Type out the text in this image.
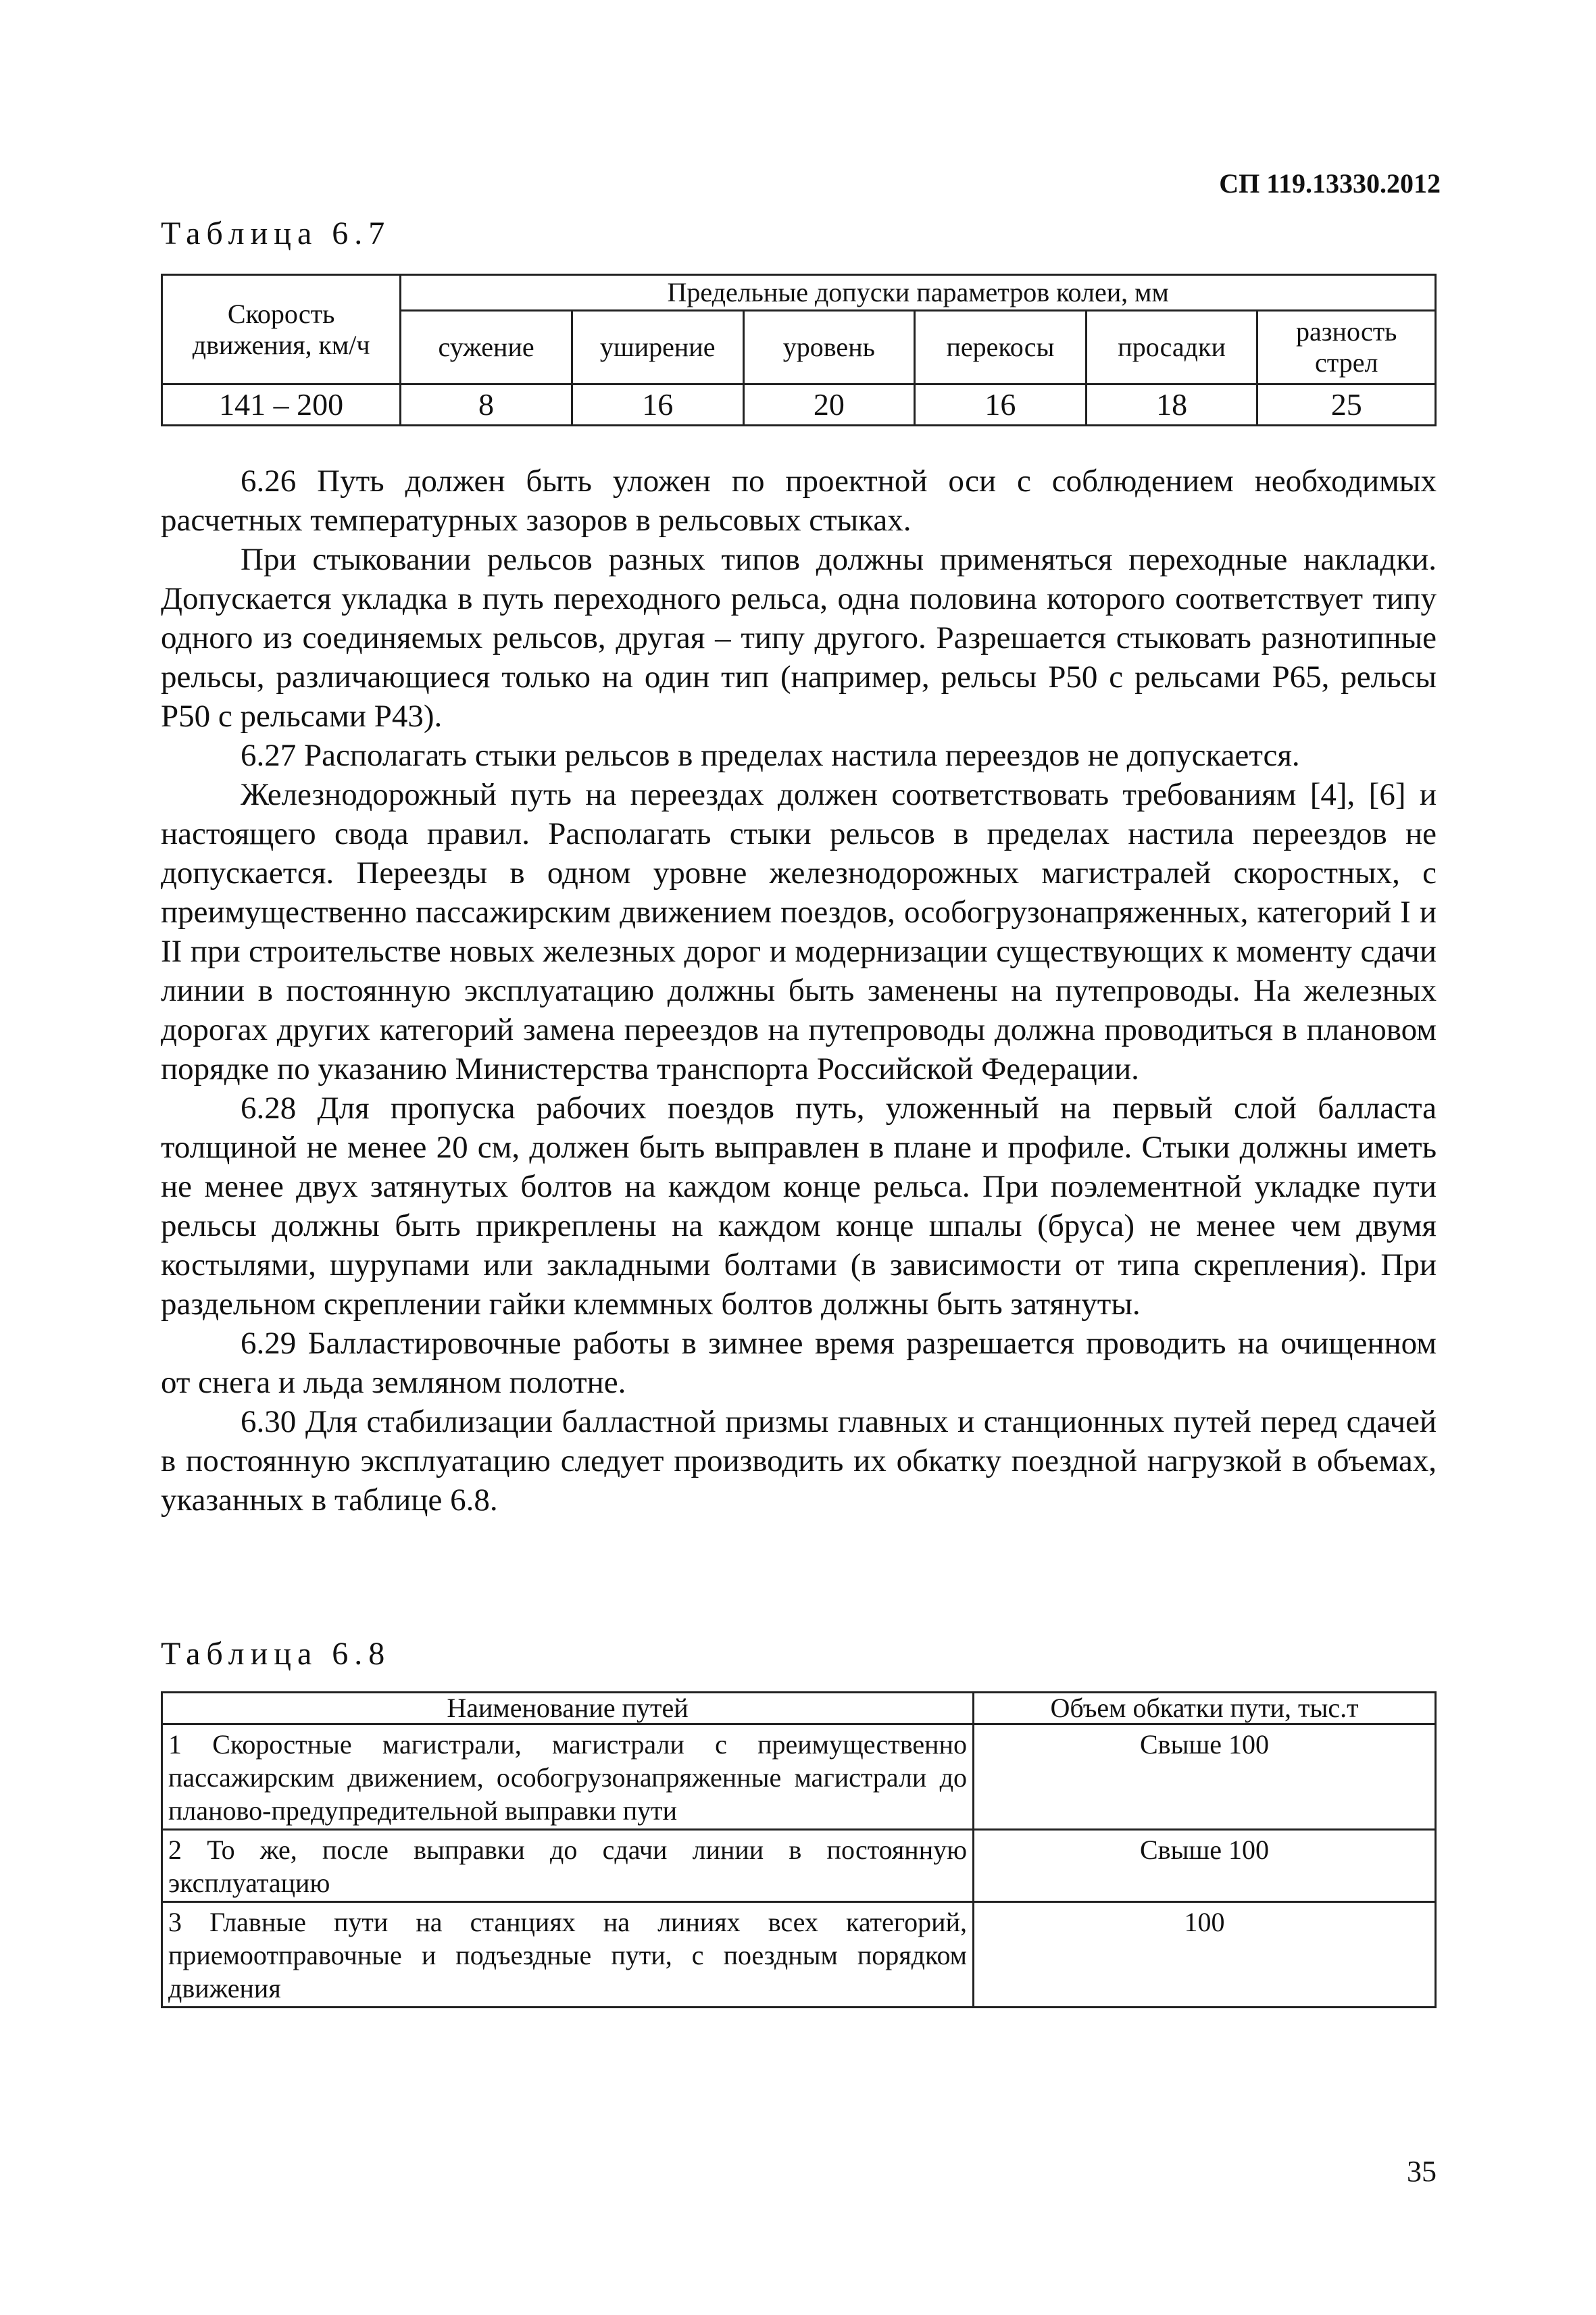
СП 119.13330.2012
Таблица 6.7
Скорость движения, км/ч	Предельные допуски параметров колеи, мм					
	сужение	уширение	уровень	перекосы	просадки	разность стрел
141 – 200	8	16	20	16	18	25

6.26 Путь должен быть уложен по проектной оси с соблюдением необходимых расчетных температурных зазоров в рельсовых стыках.

При стыковании рельсов разных типов должны применяться переходные накладки. Допускается укладка в путь переходного рельса, одна половина которого соответствует типу одного из соединяемых рельсов, другая – типу другого. Разрешается стыковать разнотипные рельсы, различающиеся только на один тип (например, рельсы Р50 с рельсами Р65, рельсы Р50 с рельсами Р43).

6.27 Располагать стыки рельсов в пределах настила переездов не допускается.

Железнодорожный путь на переездах должен соответствовать требованиям [4], [6] и настоящего свода правил. Располагать стыки рельсов в пределах настила переездов не допускается. Переезды в одном уровне железнодорожных магистралей скоростных, с преимущественно пассажирским движением поездов, особогрузонапряженных, категорий I и II при строительстве новых железных дорог и модернизации существующих к моменту сдачи линии в постоянную эксплуатацию должны быть заменены на путепроводы. На железных дорогах других категорий замена переездов на путепроводы должна проводиться в плановом порядке по указанию Министерства транспорта Российской Федерации.

6.28 Для пропуска рабочих поездов путь, уложенный на первый слой балласта толщиной не менее 20 см, должен быть выправлен в плане и профиле. Стыки должны иметь не менее двух затянутых болтов на каждом конце рельса. При поэлементной укладке пути рельсы должны быть прикреплены на каждом конце шпалы (бруса) не менее чем двумя костылями, шурупами или закладными болтами (в зависимости от типа скрепления). При раздельном скреплении гайки клеммных болтов должны быть затянуты.

6.29 Балластировочные работы в зимнее время разрешается проводить на очищенном от снега и льда земляном полотне.

6.30 Для стабилизации балластной призмы главных и станционных путей перед сдачей в постоянную эксплуатацию следует производить их обкатку поездной нагрузкой в объемах, указанных в таблице 6.8.

Таблица 6.8
Наименование путей	Объем обкатки пути, тыс.т
1 Скоростные магистрали, магистрали с преимущественно пассажирским движением, особогрузонапряженные магистрали до планово-предупредительной выправки пути	Свыше 100
2 То же, после выправки до сдачи линии в постоянную эксплуатацию	Свыше 100
3 Главные пути на станциях на линиях всех категорий, приемоотправочные и подъездные пути, с поездным порядком движения	100
35
